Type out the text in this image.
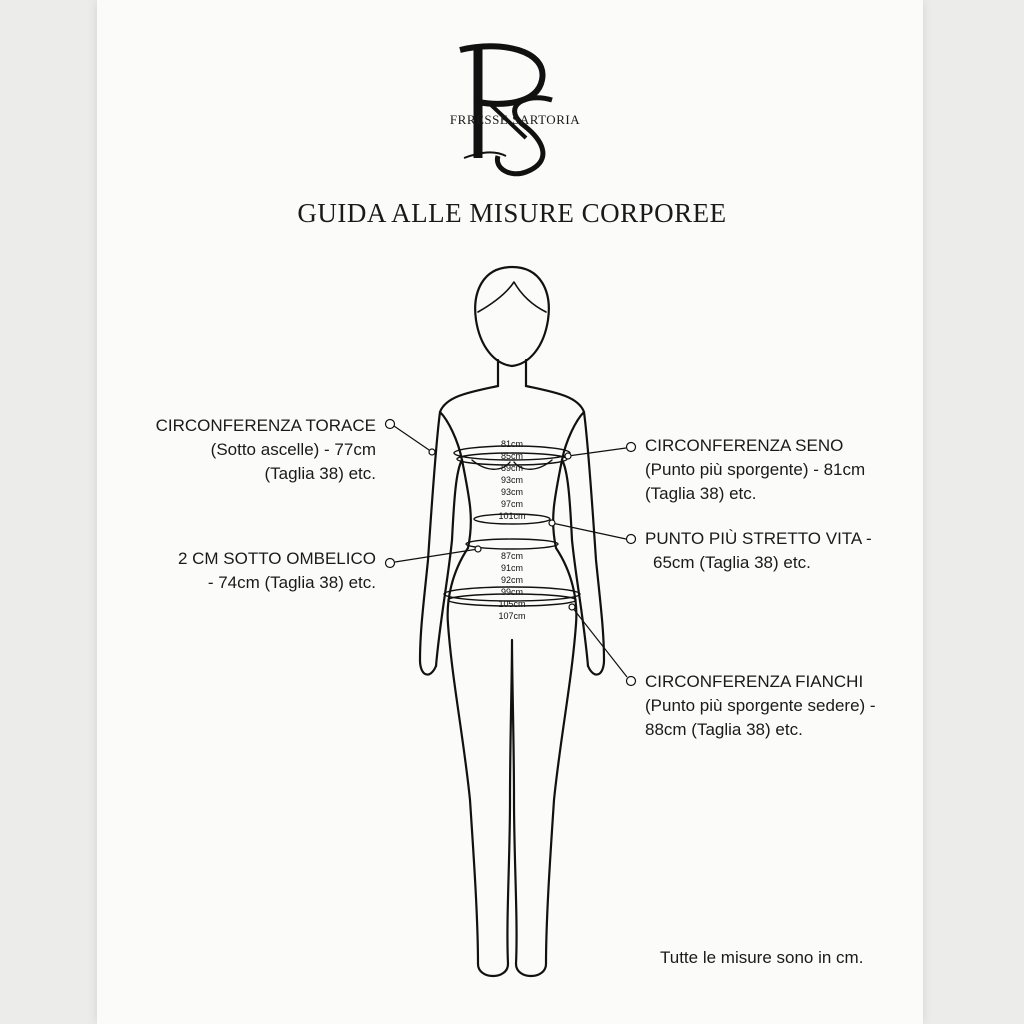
FRRESSE SARTORIA
GUIDA ALLE MISURE CORPOREE
81cm
85cm
89cm
93cm
93cm
97cm
101cm
87cm
91cm
92cm
99cm
105cm
107cm
CIRCONFERENZA TORACE
(Sotto ascelle) - 77cm
(Taglia 38) etc.
CIRCONFERENZA SENO
(Punto più sporgente) - 81cm
(Taglia 38) etc.
2 CM SOTTO OMBELICO
- 74cm (Taglia 38) etc.
PUNTO PIÙ STRETTO VITA -
65cm (Taglia 38) etc.
CIRCONFERENZA FIANCHI
(Punto più sporgente sedere) -
88cm (Taglia 38) etc.
Tutte le misure sono in cm.
